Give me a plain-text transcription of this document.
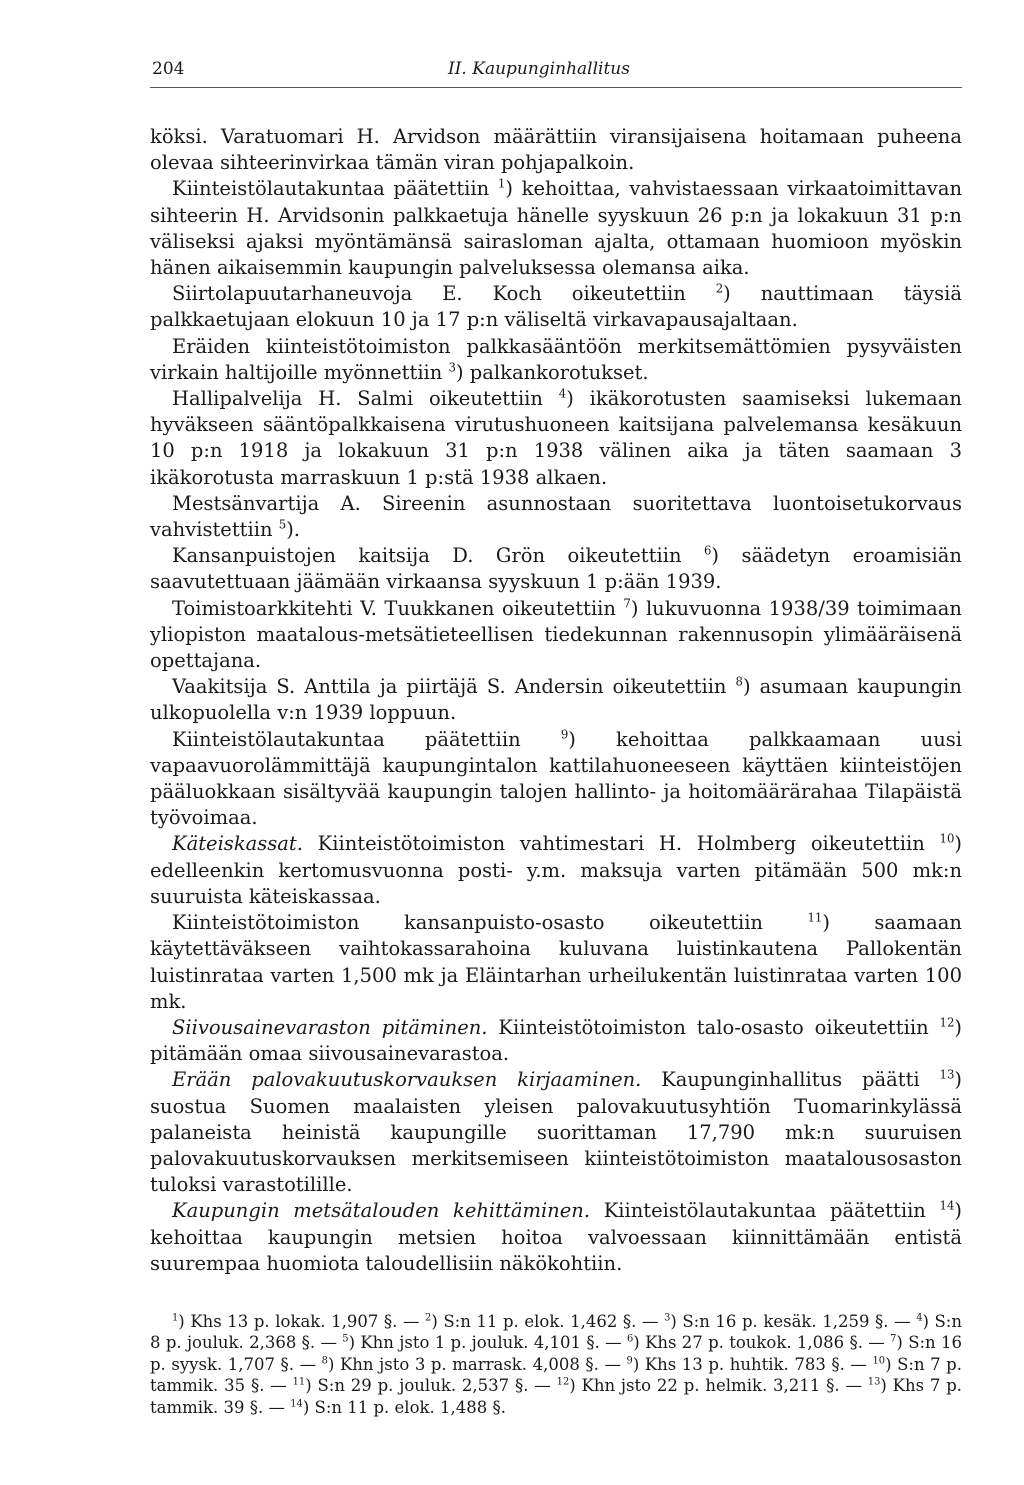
204	II. Kaupunginhallitus

köksi. Varatuomari H. Arvidson määrättiin viransijaisena hoitamaan puheena olevaa sihteerinvirkaa tämän viran pohjapalkoin.

Kiinteistölautakuntaa päätettiin $^1$) kehoittaa, vahvistaessaan virkaatoimittavan sihteerin H. Arvidsonin palkkaetuja hänelle syyskuun 26 p:n ja lokakuun 31 p:n väliseksi ajaksi myöntämänsä sairasloman ajalta, ottamaan huomioon myöskin hänen aikaisemmin kaupungin palveluksessa olemansa aika.

Siirtolapuutarhaneuvoja E. Koch oikeutettiin $^2$) nauttimaan täysiä palkkaetujaan elokuun 10 ja 17 p:n väliseltä virkavapausajaltaan.

Eräiden kiinteistötoimiston palkkasääntöön merkitsemättömien pysyväisten virkain haltijoille myönnettiin $^3$) palkankorotukset.

Hallipalvelija H. Salmi oikeutettiin $^4$) ikäkorotusten saamiseksi lukemaan hyväkseen sääntöpalkkaisena virutushuoneen kaitsijana palvelemansa kesäkuun 10 p:n 1918 ja lokakuun 31 p:n 1938 välinen aika ja täten saamaan 3 ikäkorotusta marraskuun 1 p:stä 1938 alkaen.

Mestsänvartija A. Sireenin asunnostaan suoritettava luontoisetukorvaus vahvistettiin $^5$).

Kansanpuistojen kaitsija D. Grön oikeutettiin $^6$) säädetyn eroamisiän saavutettuaan jäämään virkaansa syyskuun 1 p:ään 1939.

Toimistoarkkitehti V. Tuukkanen oikeutettiin $^7$) lukuvuonna 1938/39 toimimaan yliopiston maatalous-metsätieteellisen tiedekunnan rakennusopin ylimääräisenä opettajana.

Vaakitsija S. Anttila ja piirtäjä S. Andersin oikeutettiin $^8$) asumaan kaupungin ulkopuolella v:n 1939 loppuun.

Kiinteistölautakuntaa päätettiin $^9$) kehoittaa palkkaamaan uusi vapaavuorolämmittäjä kaupungintalon kattilahuoneeseen käyttäen kiinteistöjen pääluokkaan sisältyvää kaupungin talojen hallinto- ja hoitomäärärahaa Tilapäistä työvoimaa.

Käteiskassat. Kiinteistötoimiston vahtimestari H. Holmberg oikeutettiin $^{10}$) edelleenkin kertomusvuonna posti- y.m. maksuja varten pitämään 500 mk:n suuruista käteiskassaa.

Kiinteistötoimiston kansanpuisto-osasto oikeutettiin $^{11}$) saamaan käytettäväkseen vaihtokassarahoina kuluvana luistinkautena Pallokentän luistinrataa varten 1,500 mk ja Eläintarhan urheilukentän luistinrataa varten 100 mk.

Siivousainevaraston pitäminen. Kiinteistötoimiston talo-osasto oikeutettiin $^{12}$) pitämään omaa siivousainevarastoa.

Erään palovakuutuskorvauksen kirjaaminen. Kaupunginhallitus päätti $^{13}$) suostua Suomen maalaisten yleisen palovakuutusyhtiön Tuomarinkylässä palaneista heinistä kaupungille suorittaman 17,790 mk:n suuruisen palovakuutuskorvauksen merkitsemiseen kiinteistötoimiston maatalousosaston tuloksi varastotilille.

Kaupungin metsätalouden kehittäminen. Kiinteistölautakuntaa päätettiin $^{14}$) kehoittaa kaupungin metsien hoitoa valvoessaan kiinnittämään entistä suurempaa huomiota taloudellisiin näkökohtiin.

$^1$) Khs 13 p. lokak. 1,907 §. — $^2$) S:n 11 p. elok. 1,462 §. — $^3$) S:n 16 p. kesäk. 1,259 §. — $^4$) S:n 8 p. jouluk. 2,368 §. — $^5$) Khn jsto 1 p. jouluk. 4,101 §. — $^6$) Khs 27 p. toukok. 1,086 §. — $^7$) S:n 16 p. syysk. 1,707 §. — $^8$) Khn jsto 3 p. marrask. 4,008 §. — $^9$) Khs 13 p. huhtik. 783 §. — $^{10}$) S:n 7 p. tammik. 35 §. — $^{11}$) S:n 29 p. jouluk. 2,537 §. — $^{12}$) Khn jsto 22 p. helmik. 3,211 §. — $^{13}$) Khs 7 p. tammik. 39 §. — $^{14}$) S:n 11 p. elok. 1,488 §.
